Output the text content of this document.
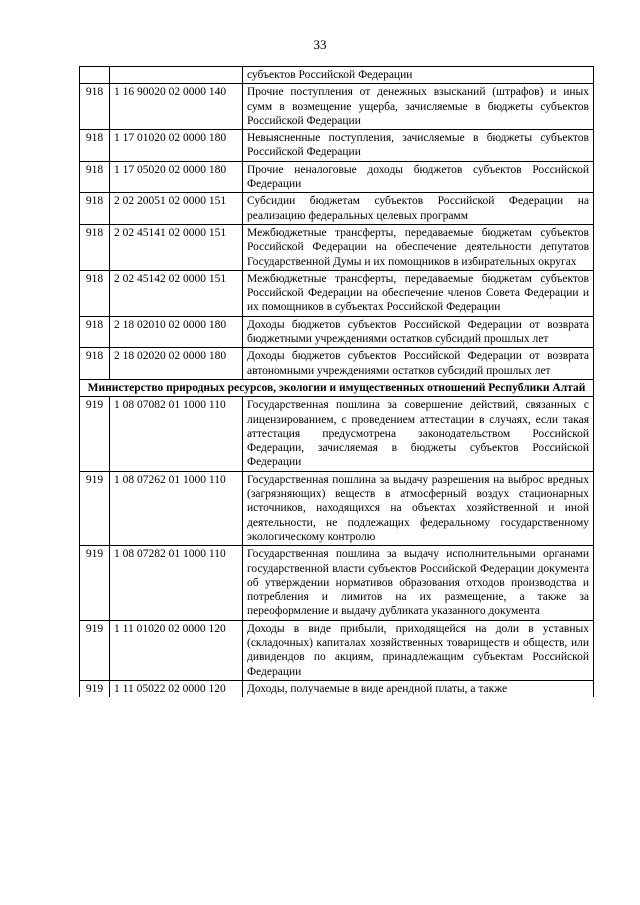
33
		субъектов Российской Федерации
918	1 16 90020 02 0000 140	Прочие поступления от денежных взысканий (штрафов) и иных сумм в возмещение ущерба, зачисляемые в бюджеты субъектов Российской Федерации
918	1 17 01020 02 0000 180	Невыясненные поступления, зачисляемые в бюджеты субъектов Российской Федерации
918	1 17 05020 02 0000 180	Прочие неналоговые доходы бюджетов субъектов Российской Федерации
918	2 02 20051 02 0000 151	Субсидии бюджетам субъектов Российской Федерации на реализацию федеральных целевых программ
918	2 02 45141 02 0000 151	Межбюджетные трансферты, передаваемые бюджетам субъектов Российской Федерации на обеспечение деятельности депутатов Государственной Думы и их помощников в избирательных округах
918	2 02 45142 02 0000 151	Межбюджетные трансферты, передаваемые бюджетам субъектов Российской Федерации на обеспечение членов Совета Федерации и их помощников в субъектах Российской Федерации
918	2 18 02010 02 0000 180	Доходы бюджетов субъектов Российской Федерации от возврата бюджетными учреждениями остатков субсидий прошлых лет
918	2 18 02020 02 0000 180	Доходы бюджетов субъектов Российской Федерации от возврата автономными учреждениями остатков субсидий прошлых лет
Министерство природных ресурсов, экологии и имущественных отношений Республики Алтай		
919	1 08 07082 01 1000 110	Государственная пошлина за совершение действий, связанных с лицензированием, с проведением аттестации в случаях, если такая аттестация предусмотрена законодательством Российской Федерации, зачисляемая в бюджеты субъектов Российской Федерации
919	1 08 07262 01 1000 110	Государственная пошлина за выдачу разрешения на выброс вредных (загрязняющих) веществ в атмосферный воздух стационарных источников, находящихся на объектах хозяйственной и иной деятельности, не подлежащих федеральному государственному экологическому контролю
919	1 08 07282 01 1000 110	Государственная пошлина за выдачу исполнительными органами государственной власти субъектов Российской Федерации документа об утверждении нормативов образования отходов производства и потребления и лимитов на их размещение, а также за переоформление и выдачу дубликата указанного документа
919	1 11 01020 02 0000 120	Доходы в виде прибыли, приходящейся на доли в уставных (складочных) капиталах хозяйственных товариществ и обществ, или дивидендов по акциям, принадлежащим субъектам Российской Федерации
919	1 11 05022 02 0000 120	Доходы, получаемые в виде арендной платы, а также
